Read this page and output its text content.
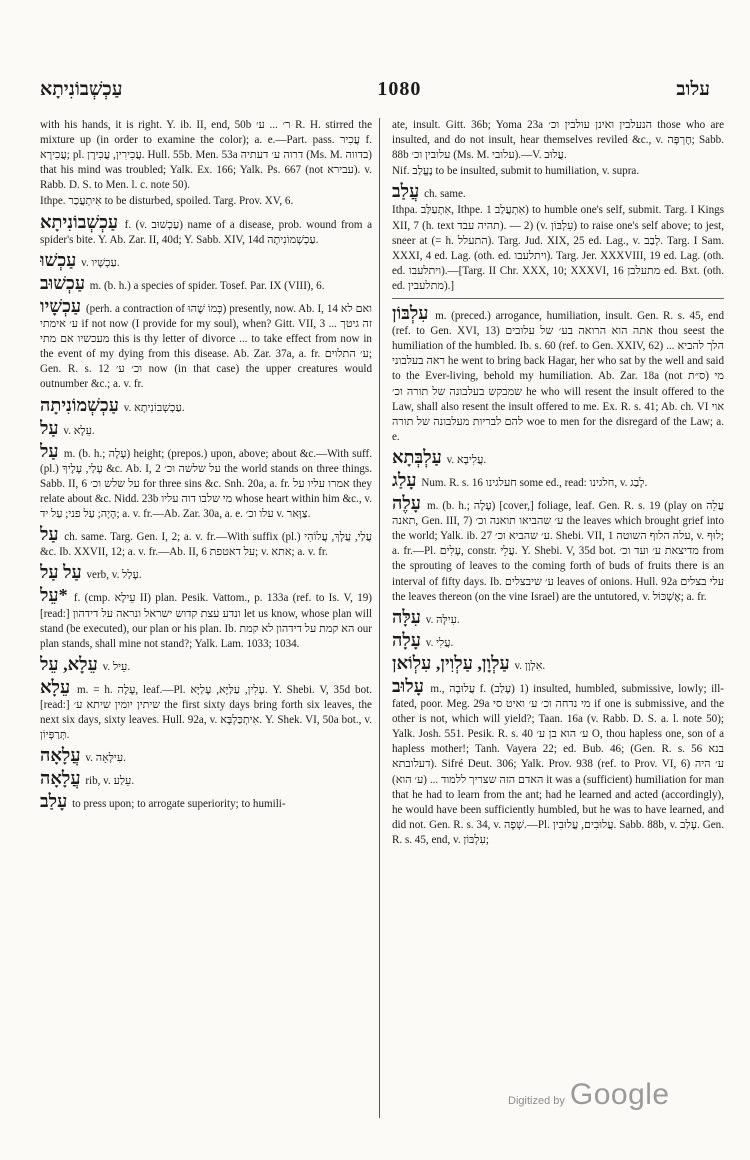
עַכְשְׁבוֹנִיתָא	1080	עלוב
with his hands, it is right. Y. ib. II, end, 50b ר׳ ... ע׳ R. H. stirred the mixture up (in order to examine the color); a. e.—Part. pass. עֲכִיר f. עֲכִירָא; pl. עֲכִירִין, עֲכִירָן. Hull. 55b. Men. 53a דרוה ע׳ דעתיה (Ms. M. בדווה) that his mind was troubled; Yalk. Ex. 166; Yalk. Ps. 667 (not עבירא). v. Rabb. D. S. to Men. l. c. note 50).
Ithpe. אִיתְעֲכַר to be disturbed, spoiled. Targ. Prov. XV, 6.
עַכְשְׁבוֹנִיתָא f. (v. עַכְשׁוּב) name of a disease, prob. wound from a spider's bite. Y. Ab. Zar. II, 40d; Y. Sabb. XIV, 14d עַכְשְׁמוֹנִיתָה.
עַכְשׁוּ v. עַכְשָׁיו.
עַכְשׁוּב m. (b. h.) a species of spider. Tosef. Par. IX (VIII), 6.
עַכְשָׁיו (perh. a contraction of כְּמוֹ שֶׁהוּ) presently, now. Ab. I, 14 ואם לא ע׳ אימתי if not now (I provide for my soul), when? Gitt. VII, 3 זה גיטך ... מעכשיו אם מתי this is thy letter of divorce ... to take effect from now in the event of my dying from this disease. Ab. Zar. 37a, a. fr. ע׳ התלוים; Gen. R. s. 12 וכ׳ ע׳ now (in that case) the upper creatures would outnumber &c.; a. v. fr.
עַכְשְׁמוֹנִיתָה v. עַכְשְׁבוֹנִיתָא.
עַל v. עֵלָא.
עַל m. (b. h.; עָלָה) height; (prepos.) upon, above; about &c.—With suff. (pl.) עָלַי, עָלֶיךָ &c. Ab. I, 2 על שלשה וכ׳ the world stands on three things. Sabb. II, 6 על שלש וכ׳ for three sins &c. Snh. 20a, a. fr. אמרו עליו על they relate about &c. Nidd. 23b מי שלבו דוה עליו whose heart within him &c., v. הָיָה; עַל פני; עַל יד; a. v. fr.—Ab. Zar. 30a, a. e. עלו וכ׳ v. צַוָּאר.
עַל ch. same. Targ. Gen. I, 2; a. v. fr.—With suffix (pl.) עֲלַי, עֲלָךְ, עֲלוֹהִי &c. Ib. XXVII, 12; a. v. fr.—Ab. II, 6 על דאטפת; v. אתא; a. v. fr.
עַל עַל verb, v. עָלַל.
*עֵל f. (cmp. עֵילָא II) plan. Pesik. Vattom., p. 133a (ref. to Is. V, 19) [read:] ונדע עצת קדוש ישראל ונראה על דידהון let us know, whose plan will stand (be executed), our plan or his plan. Ib. הא קמת על דידהון לא קמת our plan stands, shall mine not stand?; Yalk. Lam. 1033; 1034.
עֵלָא, עֵל v. עֵיל.
עֵלָא m. = h. עָלֶה, leaf.—Pl. עָלִין, עַלַּיָּא, עָלַיָּא. Y. Shebi. V, 35d bot. [read:] שיתין יומין שיתא ע׳ the first sixty days bring forth six leaves, the next six days, sixty leaves. Hull. 92a, v. אִיתְכַּלְבָּא. Y. Shek. VI, 50a bot., v. תְּרַפְּיוֹן.
עֲלָאָה v. עִילָּאָה.
עֲלָאָה rib, v. עֵלַע.
עָלַב to press upon; to arrogate superiority; to humili-
ate, insult. Gitt. 36b; Yoma 23a הנעלבין ואינן עולבין וכ׳ those who are insulted, and do not insult, hear themselves reviled &c., v. חֶרְפָּה; Sabb. 88b עלובין וכ׳ (Ms. M. עלובי).—V. עֲלוּב.
Nif. נֶעֱלַב to be insulted, submit to humiliation, v. supra.
עֲלַב ch. same.
Ithpa. אִתְעַלַּב, Ithpe. אִתְעֲלַב 1) to humble one's self, submit. Targ. I Kings XII, 7 (h. text תהיה עבד). — 2) (v. עִלְבּוֹן) to raise one's self above; to jest, sneer at (= h. התעלל). Targ. Jud. XIX, 25 ed. Lag., v. לְבַב. Targ. I Sam. XXXI, 4 ed. Lag. (oth. ed. ויתלעבו). Targ. Jer. XXXVIII, 19 ed. Lag. (oth. ed. ויתלעבו).—[Targ. II Chr. XXX, 10; XXXVI, 16 מתעלבן ed. Bxt. (oth. ed. מתלעבין).]
עִלְבּוֹן m. (preced.) arrogance, humiliation, insult. Gen. R. s. 45, end (ref. to Gen. XVI, 13) אתה הוא הרואה בע׳ של עלובים thou seest the humiliation of the humbled. Ib. s. 60 (ref. to Gen. XXIV, 62) הלך להביא ... ראה בעלבוני he went to bring back Hagar, her who sat by the well and said to the Ever-living, behold my humiliation. Ab. Zar. 18a (not ס״ת) מי שמבקש בעלבונה של תורה וכ׳ he who will resent the insult offered to the Law, shall also resent the insult offered to me. Ex. R. s. 41; Ab. ch. VI אוי להם לבריות מעלבונה של תורה woe to men for the disregard of the Law; a. e.
עַלְבְּתָא v. עֲלִיבָא.
עָלַג Num. R. s. 16 חעלגינו some ed., read: חלגינו, v. לָבַג.
עָלֶה m. (b. h.; עָלָה) [cover,] foliage, leaf. Gen. R. s. 19 (play on עֲלֵה תאנה, Gen. III, 7) ע׳ שהביאו תואנה וכ׳ the leaves which brought grief into the world; Yalk. ib. 27 ע׳ שהביא וכ׳. Shebi. VII, 1 עלה הלוף השוטה, v. לוּף; a. fr.—Pl. עָלִים, constr. עֲלֵי. Y. Shebi. V, 35d bot. מדיצאת ע׳ ועד וכ׳ from the sprouting of leaves to the coming forth of buds of fruits there is an interval of fifty days. Ib. ע׳ שיבצלים leaves of onions. Hull. 92a עלי בצלים the leaves thereon (on the vine Israel) are the untutored, v. אֶשְׁכּוֹל; a. fr.
עִלָּה v. עִילָּה.
עָלָה v. עֲלִי.
עַלְוָן, עַלְוִין, עִלְוֹאן v. אִלְוָן.
עָלוּב m., עֲלוּבָה f. (עָלַב) 1) insulted, humbled, submissive, lowly; ill-fated, poor. Meg. 29a מי נדחה וכ׳ ע׳ ואיט סי if one is submissive, and the other is not, which will yield?; Taan. 16a (v. Rabb. D. S. a. l. note 50); Yalk. Josh. 551. Pesik. R. s. 40 ע׳ הוא בן ע׳ O, thou hapless one, son of a hapless mother!; Tanh. Vayera 22; ed. Bub. 46; (Gen. R. s. 56 בנא דעלובתא). Sifré Deut. 306; Yalk. Prov. 938 (ref. to Prov. VI, 6) ע׳ היה האדם הזה שצריך ללמוד ... (ע׳ הוא) it was a (sufficient) humiliation for man that he had to learn from the ant; had he learned and acted (accordingly), he would have been sufficiently humbled, but he was to have learned, and did not. Gen. R. s. 34, v. שְׁפָה.—Pl. עֲלוּבִים, עֲלוּבִין. Sabb. 88b, v. עָלַב. Gen. R. s. 45, end, v. עִלְבּוֹן;
Digitized by Google
